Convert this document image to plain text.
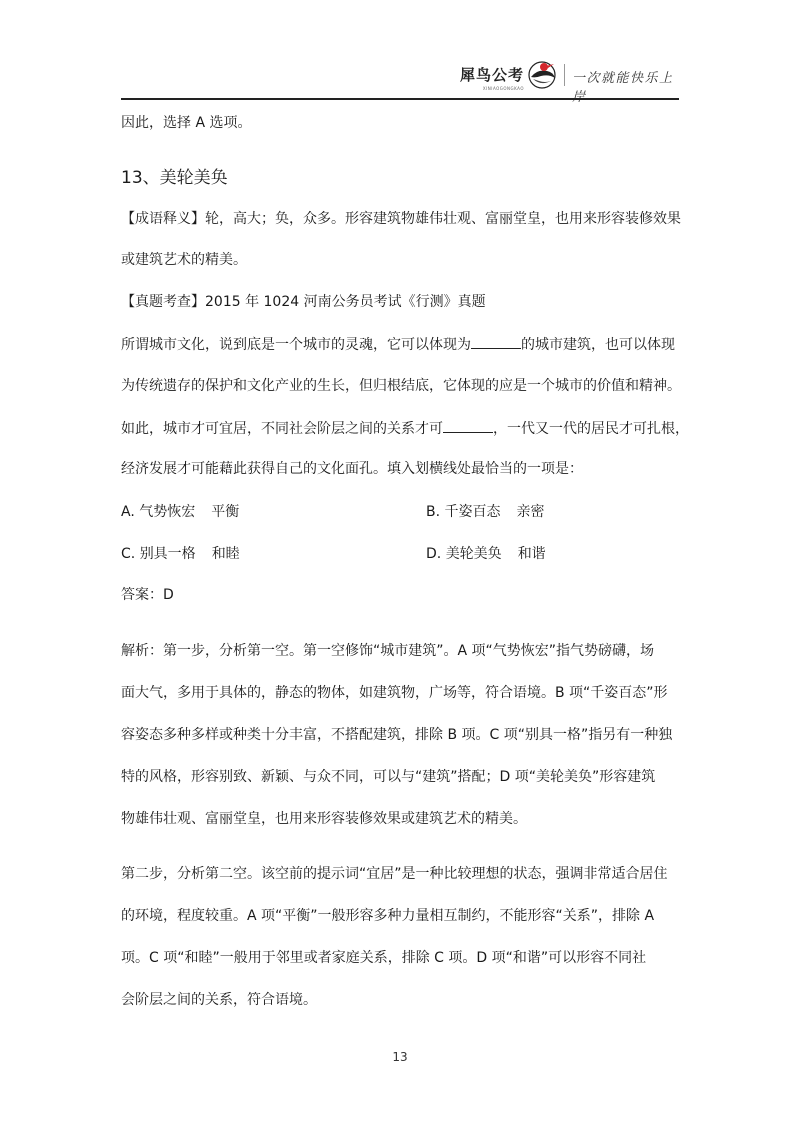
犀鸟公考
XINIAOGONGKAO
一次就能快乐上
因此，选择 A 选项。
13、美轮美奂
【成语释义】轮，高大；奂，众多。形容建筑物雄伟壮观、富丽堂皇，也用来形容装修效果
或建筑艺术的精美。
【真题考查】2015 年 1024 河南公务员考试《行测》真题
所谓城市文化，说到底是一个城市的灵魂，它可以体现为	的城市建筑，也可以体现
为传统遗存的保护和文化产业的生长，但归根结底，它体现的应是一个城市的价值和精神。
如此，城市才可宜居，不同社会阶层之间的关系才可	，一代又一代的居民才可扎根，
经济发展才可能藉此获得自己的文化面孔。填入划横线处最恰当的一项是：
A. 气势恢宏 平衡	B. 千姿百态 亲密
C. 别具一格 和睦	D. 美轮美奂 和谐
答案：D
解析：第一步，分析第一空。第一空修饰“城市建筑”。A 项“气势恢宏”指气势磅礴，场
面大气，多用于具体的，静态的物体，如建筑物，广场等，符合语境。B 项“千姿百态”形
容姿态多种多样或种类十分丰富，不搭配建筑，排除 B 项。C 项“别具一格”指另有一种独
特的风格，形容别致、新颖、与众不同，可以与“建筑”搭配；D 项“美轮美奂”形容建筑
物雄伟壮观、富丽堂皇，也用来形容装修效果或建筑艺术的精美。
第二步，分析第二空。该空前的提示词“宜居”是一种比较理想的状态，强调非常适合居住
的环境，程度较重。A 项“平衡”一般形容多种力量相互制约，不能形容“关系”，排除 A
项。C 项“和睦”一般用于邻里或者家庭关系，排除 C 项。D 项“和谐”可以形容不同社
会阶层之间的关系，符合语境。
13
